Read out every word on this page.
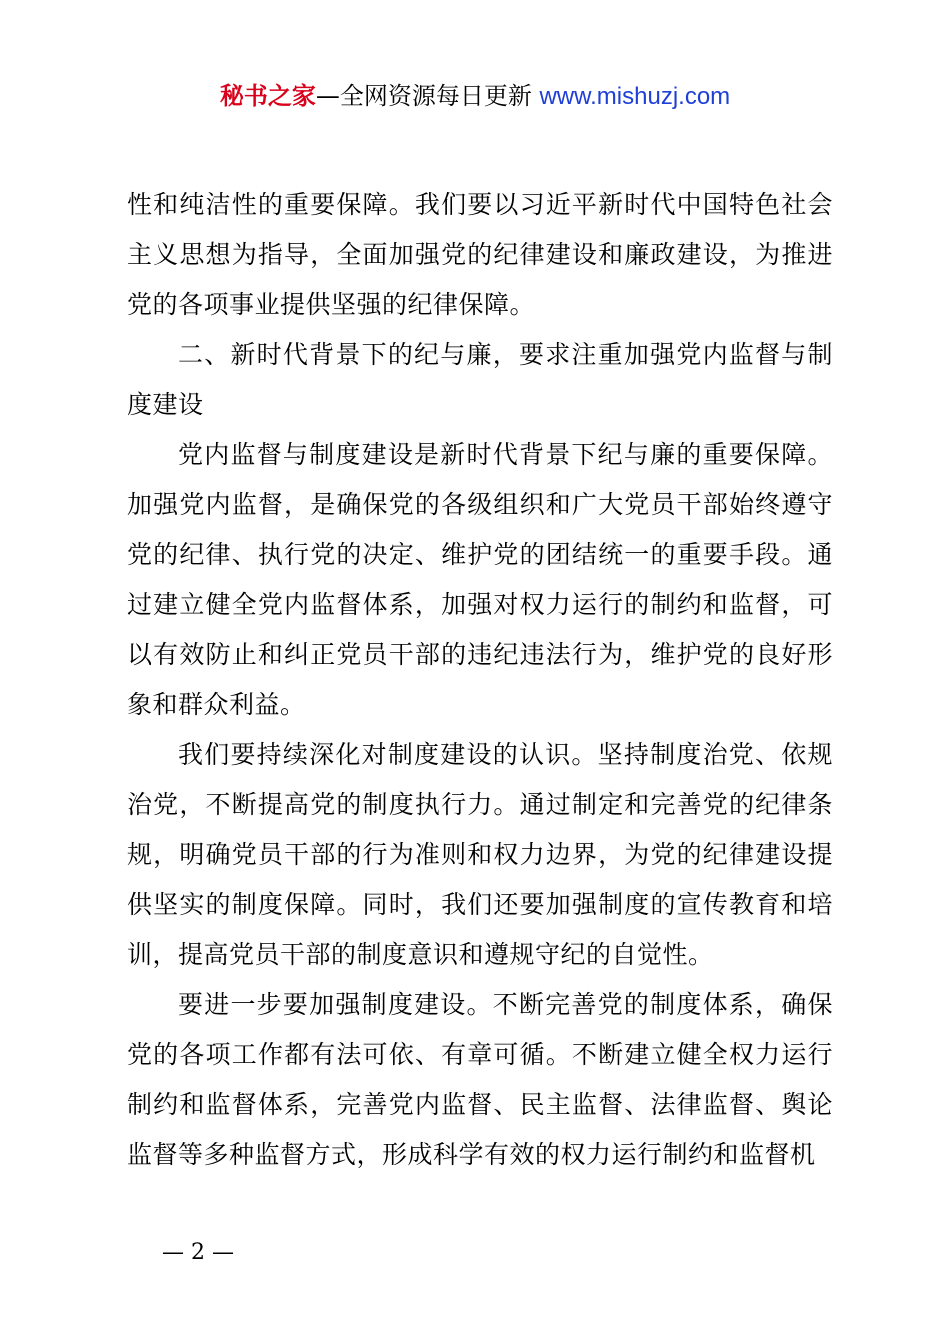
秘书之家—全网资源每日更新 www.mishuzj.com

性和纯洁性的重要保障。我们要以习近平新时代中国特色社会主义思想为指导，全面加强党的纪律建设和廉政建设，为推进党的各项事业提供坚强的纪律保障。

二、新时代背景下的纪与廉，要求注重加强党内监督与制度建设

党内监督与制度建设是新时代背景下纪与廉的重要保障。加强党内监督，是确保党的各级组织和广大党员干部始终遵守党的纪律、执行党的决定、维护党的团结统一的重要手段。通过建立健全党内监督体系，加强对权力运行的制约和监督，可以有效防止和纠正党员干部的违纪违法行为，维护党的良好形象和群众利益。

我们要持续深化对制度建设的认识。坚持制度治党、依规治党，不断提高党的制度执行力。通过制定和完善党的纪律条规，明确党员干部的行为准则和权力边界，为党的纪律建设提供坚实的制度保障。同时，我们还要加强制度的宣传教育和培训，提高党员干部的制度意识和遵规守纪的自觉性。

要进一步要加强制度建设。不断完善党的制度体系，确保党的各项工作都有法可依、有章可循。不断建立健全权力运行制约和监督体系，完善党内监督、民主监督、法律监督、舆论监督等多种监督方式，形成科学有效的权力运行制约和监督机

— 2 —
